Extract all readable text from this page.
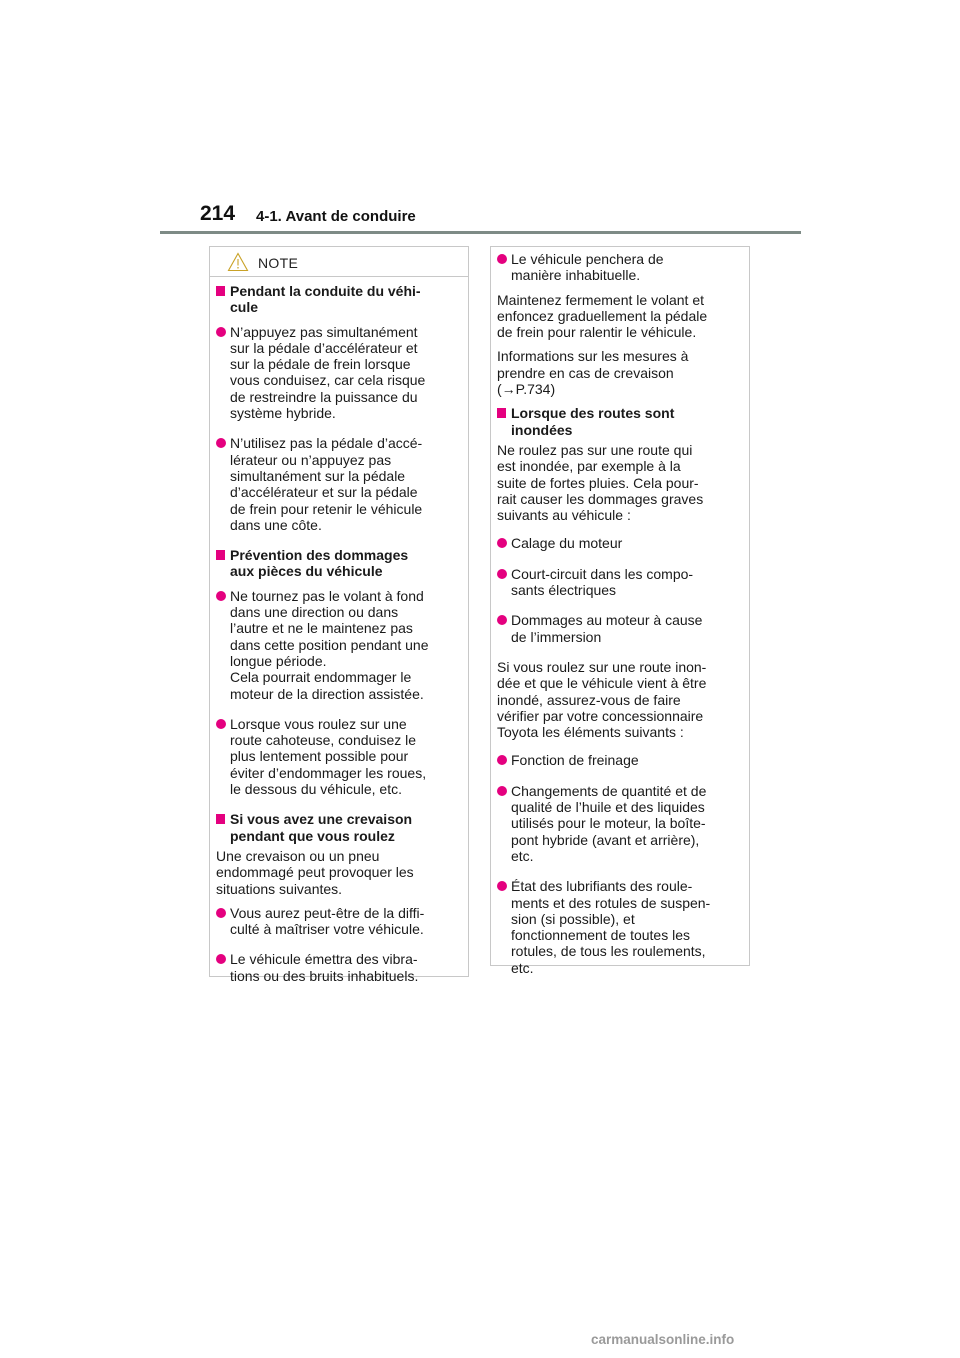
214 4-1. Avant de conduire
NOTE
Pendant la conduite du véhi-
cule
N’appuyez pas simultanément
sur la pédale d’accélérateur et
sur la pédale de frein lorsque
vous conduisez, car cela risque
de restreindre la puissance du
système hybride.
N’utilisez pas la pédale d’accé-
lérateur ou n’appuyez pas
simultanément sur la pédale
d’accélérateur et sur la pédale
de frein pour retenir le véhicule
dans une côte.
Prévention des dommages
aux pièces du véhicule
Ne tournez pas le volant à fond
dans une direction ou dans
l’autre et ne le maintenez pas
dans cette position pendant une
longue période.
Cela pourrait endommager le
moteur de la direction assistée.
Lorsque vous roulez sur une
route cahoteuse, conduisez le
plus lentement possible pour
éviter d’endommager les roues,
le dessous du véhicule, etc.
Si vous avez une crevaison
pendant que vous roulez
Une crevaison ou un pneu
endommagé peut provoquer les
situations suivantes.
Vous aurez peut-être de la diffi-
culté à maîtriser votre véhicule.
Le véhicule émettra des vibra-
tions ou des bruits inhabituels.
Le véhicule penchera de
manière inhabituelle.
Maintenez fermement le volant et
enfoncez graduellement la pédale
de frein pour ralentir le véhicule.
Informations sur les mesures à
prendre en cas de crevaison
(→P.734)
Lorsque des routes sont
inondées
Ne roulez pas sur une route qui
est inondée, par exemple à la
suite de fortes pluies. Cela pour-
rait causer les dommages graves
suivants au véhicule :
Calage du moteur
Court-circuit dans les compo-
sants électriques
Dommages au moteur à cause
de l’immersion
Si vous roulez sur une route inon-
dée et que le véhicule vient à être
inondé, assurez-vous de faire
vérifier par votre concessionnaire
Toyota les éléments suivants :
Fonction de freinage
Changements de quantité et de
qualité de l’huile et des liquides
utilisés pour le moteur, la boîte-
pont hybride (avant et arrière),
etc.
État des lubrifiants des roule-
ments et des rotules de suspen-
sion (si possible), et
fonctionnement de toutes les
rotules, de tous les roulements,
etc.
carmanualsonline.info
